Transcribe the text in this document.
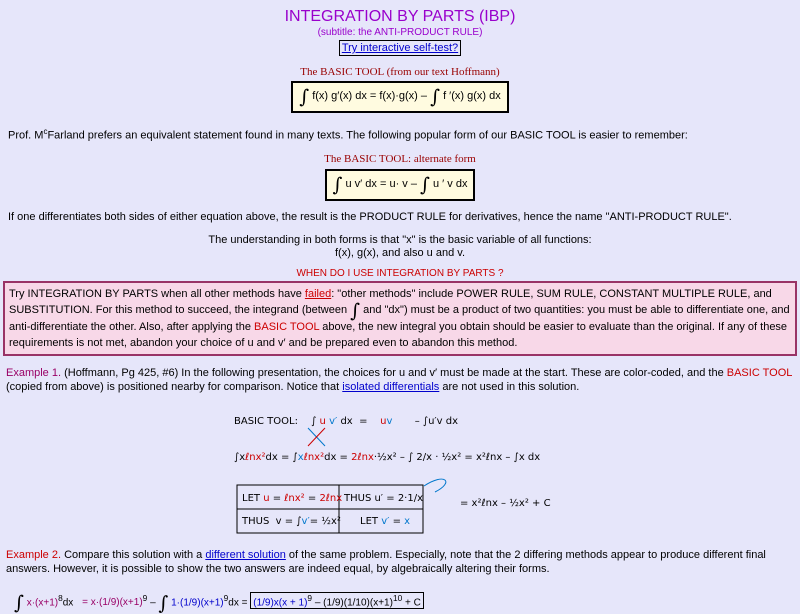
INTEGRATION BY PARTS (IBP)
(subtitle: the ANTI-PRODUCT RULE)
Try interactive self-test?
The BASIC TOOL (from our text Hoffmann)
∫ f(x) g′(x) dx = f(x)·g(x) – ∫ f ′(x) g(x) dx
Prof. $M^cFarland$ prefers an equivalent statement found in many texts. The following popular form of our BASIC TOOL is easier to remember:
The BASIC TOOL: alternate form
∫ u v′ dx = u· v – ∫ u ′ v dx
If one differentiates both sides of either equation above, the result is the PRODUCT RULE for derivatives, hence the name "ANTI-PRODUCT RULE".
The understanding in both forms is that "x" is the basic variable of all functions:
f(x), g(x), and also u and v.
WHEN DO I USE INTEGRATION BY PARTS ?
Try INTEGRATION BY PARTS when all other methods have failed: "other methods" include POWER RULE, SUM RULE, CONSTANT MULTIPLE RULE, and SUBSTITUTION. For this method to succeed, the integrand (between ∫ and "dx") must be a product of two quantities: you must be able to differentiate one, and anti-differentiate the other. Also, after applying the BASIC TOOL above, the new integral you obtain should be easier to evaluate than the original. If any of these requirements is not met, abandon your choice of u and v′ and be prepared even to abandon this method.
Example 1. (Hoffmann, Pg 425, #6) In the following presentation, the choices for u and v′ must be made at the start. These are color-coded, and the BASIC TOOL (copied from above) is positioned nearby for comparison. Notice that isolated differentials are not used in this solution.
BASIC TOOL: ∫ u v′ dx  =    uv       – ∫u′v dx
∫xℓnx²dx = ∫xℓnx²dx = 2ℓnx·½x² – ∫ 2/x · ½x² = x²ℓnx – ∫x dx
LET u = ℓnx² = 2ℓnx THUS u′ = 2·1/x
THUS  v = ∫v′= ½x² LET v′ = x
= x²ℓnx – ½x² + C
Example 2. Compare this solution with a different solution of the same problem. Especially, note that the 2 differing methods appear to produce different final answers. However, it is possible to show the two answers are indeed equal, by algebraically altering their forms.
∫ $x\cdot(x+1)^8dx = x\cdot(1/9)(x+1)^9$ – ∫ $1\cdot(1/9)(x+1)^9dx = (1/9)x(x + 1)^9 - (1/9)(1/10)(x+1)^{10} + C$
